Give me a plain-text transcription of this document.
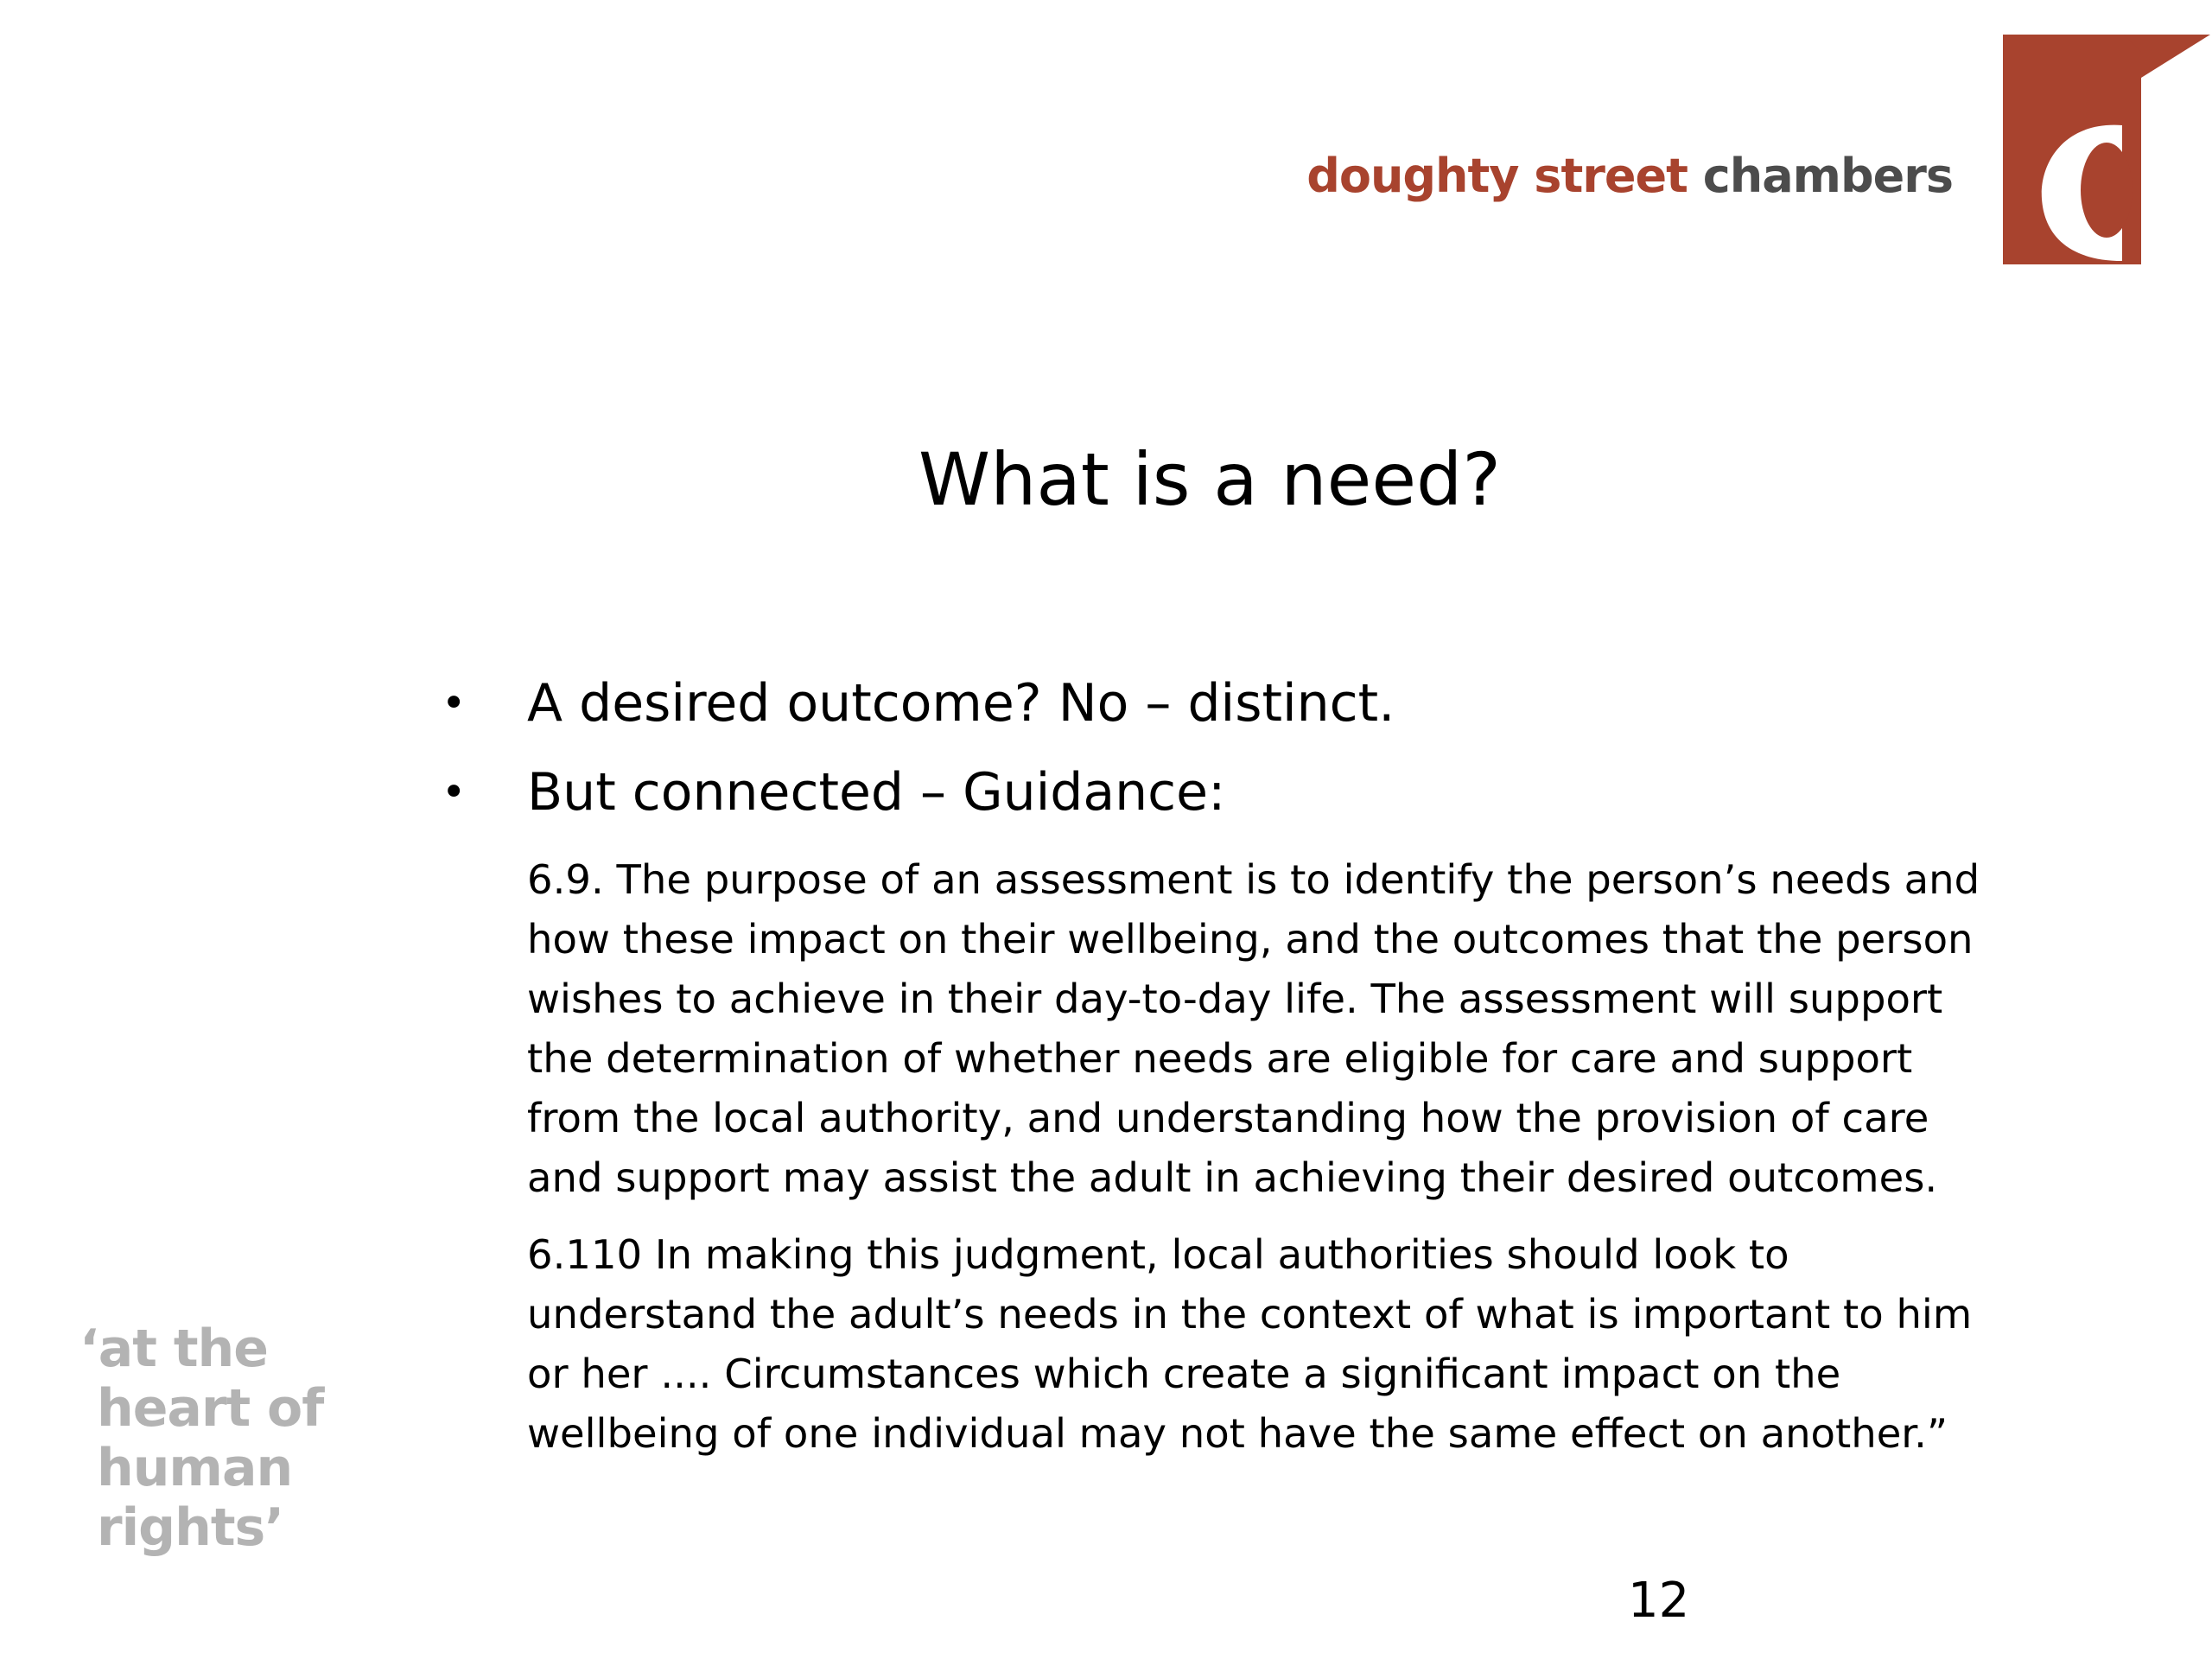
doughty street chambers
What is a need?
• A desired outcome? No – distinct.
• But connected – Guidance:
6.9. The purpose of an assessment is to identify the person’s needs and
how these impact on their wellbeing, and the outcomes that the person
wishes to achieve in their day-to-day life. The assessment will support
the determination of whether needs are eligible for care and support
from the local authority, and understanding how the provision of care
and support may assist the adult in achieving their desired outcomes.
6.110 In making this judgment, local authorities should look to
understand the adult’s needs in the context of what is important to him
or her .... Circumstances which create a significant impact on the
wellbeing of one individual may not have the same effect on another.”
‘at the
heart of
human
rights’
12
